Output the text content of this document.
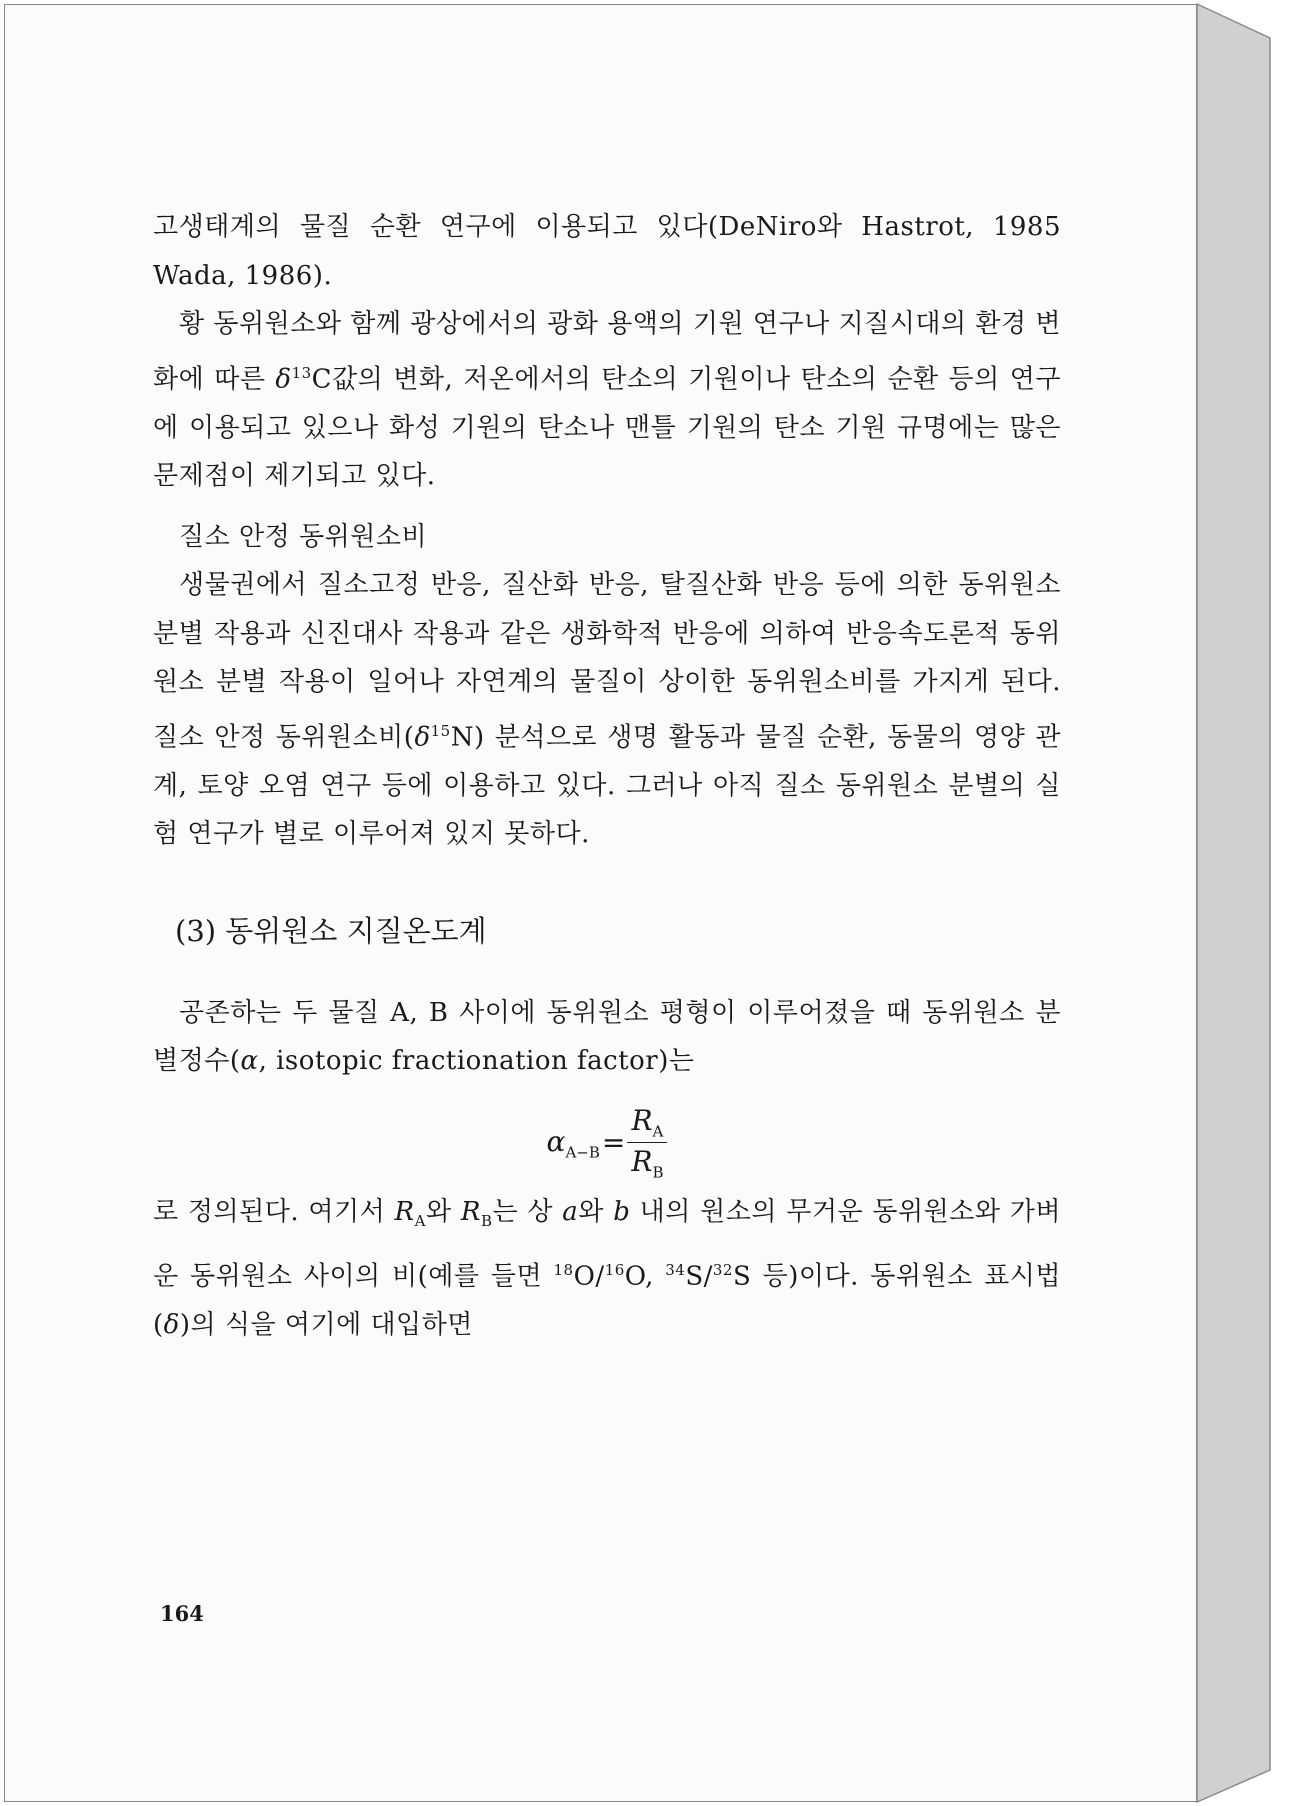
고생태계의 물질 순환 연구에 이용되고 있다(DeNiro와 Hastrot, 1985 Wada, 1986).

황 동위원소와 함께 광상에서의 광화 용액의 기원 연구나 지질시대의 환경 변화에 따른 $\delta^{13}C$값의 변화, 저온에서의 탄소의 기원이나 탄소의 순환 등의 연구에 이용되고 있으나 화성 기원의 탄소나 맨틀 기원의 탄소 기원 규명에는 많은 문제점이 제기되고 있다.

질소 안정 동위원소비

생물권에서 질소고정 반응, 질산화 반응, 탈질산화 반응 등에 의한 동위원소 분별 작용과 신진대사 작용과 같은 생화학적 반응에 의하여 반응속도론적 동위원소 분별 작용이 일어나 자연계의 물질이 상이한 동위원소비를 가지게 된다. 질소 안정 동위원소비$(\delta^{15}N)$ 분석으로 생명 활동과 물질 순환, 동물의 영양 관계, 토양 오염 연구 등에 이용하고 있다. 그러나 아직 질소 동위원소 분별의 실험 연구가 별로 이루어져 있지 못하다.

(3) 동위원소 지질온도계

공존하는 두 물질 A, B 사이에 동위원소 평형이 이루어졌을 때 동위원소 분별정수(α, isotopic fractionation factor)는

$\alpha_{A-B} = \frac{R_A}{R_B}$

로 정의된다. 여기서 $R_A$와 $R_B$는 상 a와 b 내의 원소의 무거운 동위원소와 가벼운 동위원소 사이의 비(예를 들면 $^{18}$O/$^{16}$O, $^{34}$S/$^{32}$S 등)이다. 동위원소 표시법(δ)의 식을 여기에 대입하면

164
